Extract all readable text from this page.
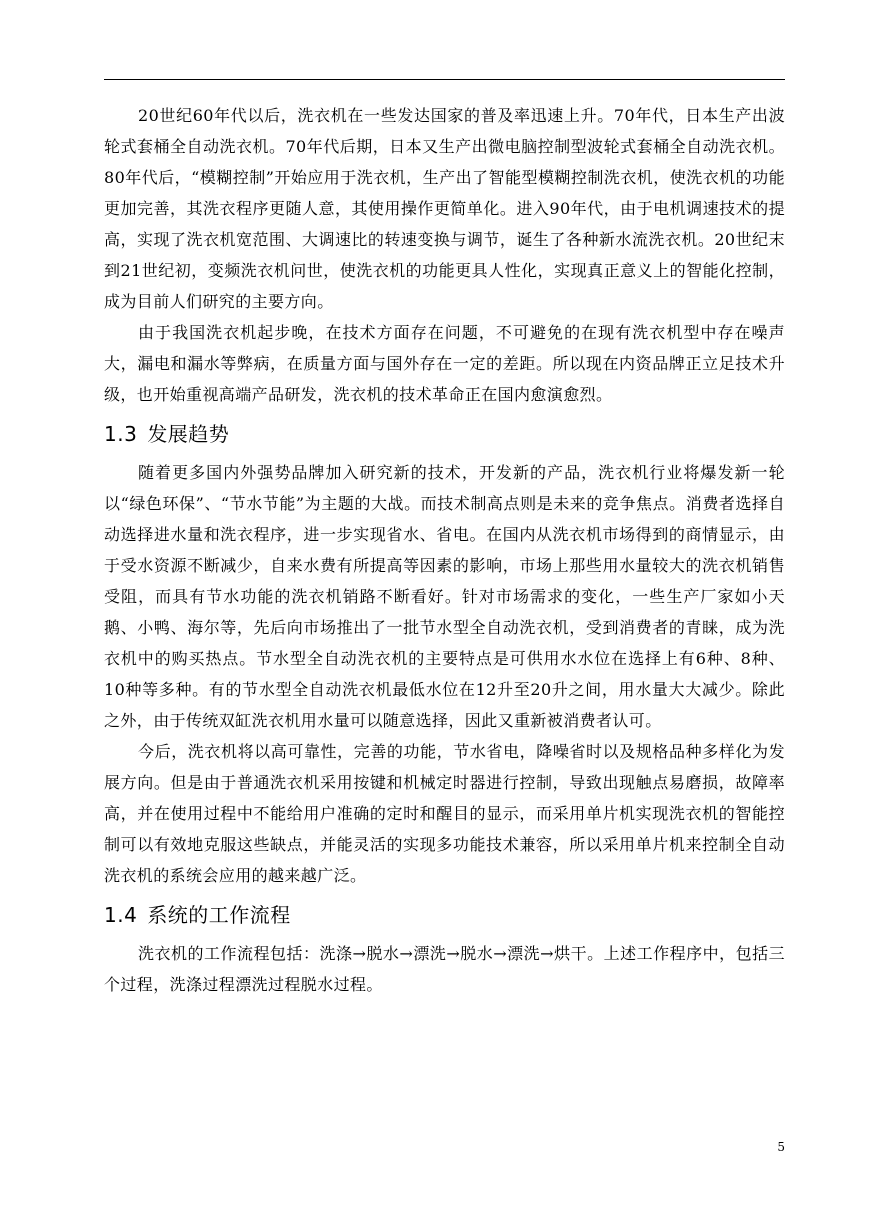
20世纪60年代以后，洗衣机在一些发达国家的普及率迅速上升。70年代，日本生产出波轮式套桶全自动洗衣机。70年代后期，日本又生产出微电脑控制型波轮式套桶全自动洗衣机。80年代后，“模糊控制”开始应用于洗衣机，生产出了智能型模糊控制洗衣机，使洗衣机的功能更加完善，其洗衣程序更随人意，其使用操作更简单化。进入90年代，由于电机调速技术的提高，实现了洗衣机宽范围、大调速比的转速变换与调节，诞生了各种新水流洗衣机。20世纪末到21世纪初，变频洗衣机问世，使洗衣机的功能更具人性化，实现真正意义上的智能化控制，成为目前人们研究的主要方向。

由于我国洗衣机起步晚，在技术方面存在问题，不可避免的在现有洗衣机型中存在噪声大，漏电和漏水等弊病，在质量方面与国外存在一定的差距。所以现在内资品牌正立足技术升级，也开始重视高端产品研发，洗衣机的技术革命正在国内愈演愈烈。

1.3 发展趋势

随着更多国内外强势品牌加入研究新的技术，开发新的产品，洗衣机行业将爆发新一轮以“绿色环保”、“节水节能”为主题的大战。而技术制高点则是未来的竞争焦点。消费者选择自动选择进水量和洗衣程序，进一步实现省水、省电。在国内从洗衣机市场得到的商情显示，由于受水资源不断减少，自来水费有所提高等因素的影响，市场上那些用水量较大的洗衣机销售受阻，而具有节水功能的洗衣机销路不断看好。针对市场需求的变化，一些生产厂家如小天鹅、小鸭、海尔等，先后向市场推出了一批节水型全自动洗衣机，受到消费者的青睐，成为洗衣机中的购买热点。节水型全自动洗衣机的主要特点是可供用水水位在选择上有6种、8种、10种等多种。有的节水型全自动洗衣机最低水位在12升至20升之间，用水量大大减少。除此之外，由于传统双缸洗衣机用水量可以随意选择，因此又重新被消费者认可。

今后，洗衣机将以高可靠性，完善的功能，节水省电，降噪省时以及规格品种多样化为发展方向。但是由于普通洗衣机采用按键和机械定时器进行控制，导致出现触点易磨损，故障率高，并在使用过程中不能给用户准确的定时和醒目的显示，而采用单片机实现洗衣机的智能控制可以有效地克服这些缺点，并能灵活的实现多功能技术兼容，所以采用单片机来控制全自动洗衣机的系统会应用的越来越广泛。

1.4 系统的工作流程

洗衣机的工作流程包括：洗涤→脱水→漂洗→脱水→漂洗→烘干。上述工作程序中，包括三个过程，洗涤过程漂洗过程脱水过程。

5
